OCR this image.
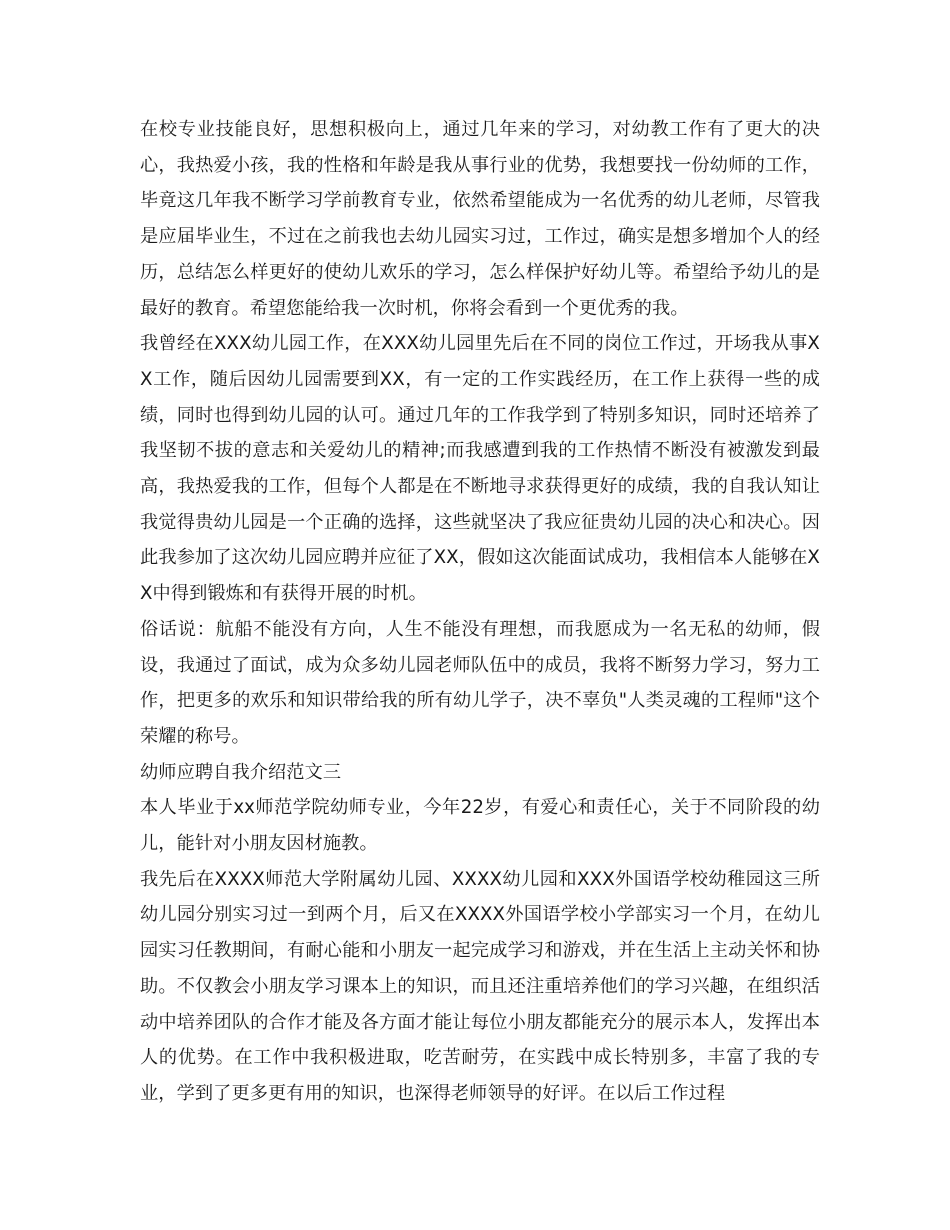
在校专业技能良好，思想积极向上，通过几年来的学习，对幼教工作有了更大的决心，我热爱小孩，我的性格和年龄是我从事行业的优势，我想要找一份幼师的工作，毕竟这几年我不断学习学前教育专业，依然希望能成为一名优秀的幼儿老师，尽管我是应届毕业生，不过在之前我也去幼儿园实习过，工作过，确实是想多增加个人的经历，总结怎么样更好的使幼儿欢乐的学习，怎么样保护好幼儿等。希望给予幼儿的是最好的教育。希望您能给我一次时机，你将会看到一个更优秀的我。

我曾经在XXX幼儿园工作，在XXX幼儿园里先后在不同的岗位工作过，开场我从事XX工作，随后因幼儿园需要到XX，有一定的工作实践经历，在工作上获得一些的成绩，同时也得到幼儿园的认可。通过几年的工作我学到了特别多知识，同时还培养了我坚韧不拔的意志和关爱幼儿的精神;而我感遭到我的工作热情不断没有被激发到最高，我热爱我的工作，但每个人都是在不断地寻求获得更好的成绩，我的自我认知让我觉得贵幼儿园是一个正确的选择，这些就坚决了我应征贵幼儿园的决心和决心。因此我参加了这次幼儿园应聘并应征了XX，假如这次能面试成功，我相信本人能够在XX中得到锻炼和有获得开展的时机。

俗话说：航船不能没有方向，人生不能没有理想，而我愿成为一名无私的幼师，假设，我通过了面试，成为众多幼儿园老师队伍中的成员，我将不断努力学习，努力工作，把更多的欢乐和知识带给我的所有幼儿学子，决不辜负"人类灵魂的工程师"这个荣耀的称号。

幼师应聘自我介绍范文三

本人毕业于xx师范学院幼师专业，今年22岁，有爱心和责任心，关于不同阶段的幼儿，能针对小朋友因材施教。

我先后在XXXX师范大学附属幼儿园、XXXX幼儿园和XXX外国语学校幼稚园这三所幼儿园分别实习过一到两个月，后又在XXXX外国语学校小学部实习一个月，在幼儿园实习任教期间，有耐心能和小朋友一起完成学习和游戏，并在生活上主动关怀和协助。不仅教会小朋友学习课本上的知识，而且还注重培养他们的学习兴趣，在组织活动中培养团队的合作才能及各方面才能让每位小朋友都能充分的展示本人，发挥出本人的优势。在工作中我积极进取，吃苦耐劳，在实践中成长特别多，丰富了我的专业，学到了更多更有用的知识，也深得老师领导的好评。在以后工作过程
